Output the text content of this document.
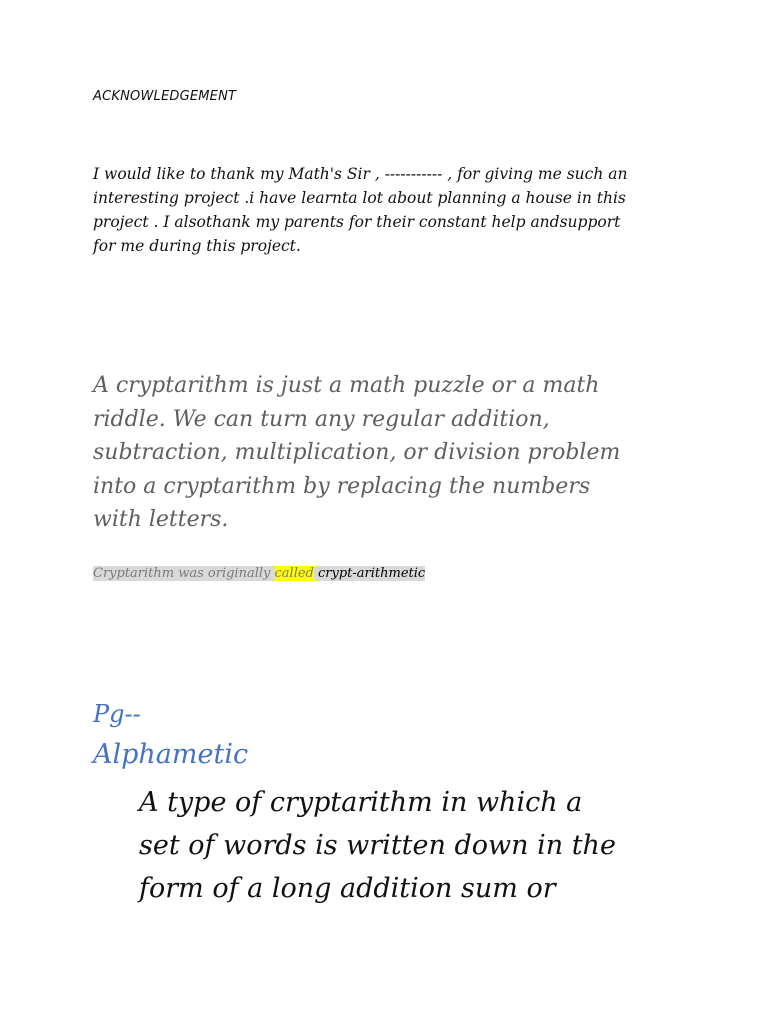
ACKNOWLEDGEMENT
I would like to thank my Math's Sir , ----------- , for giving me such an
interesting project .i have learnta lot about planning a house in this
project . I alsothank my parents for their constant help andsupport
for me during this project.
A cryptarithm is just a math puzzle or a math
riddle. We can turn any regular addition,
subtraction, multiplication, or division problem
into a cryptarithm by replacing the numbers
with letters.
Cryptarithm was originally called crypt-arithmetic
Pg--
Alphametic
A type of cryptarithm in which a
set of words is written down in the
form of a long addition sum or
